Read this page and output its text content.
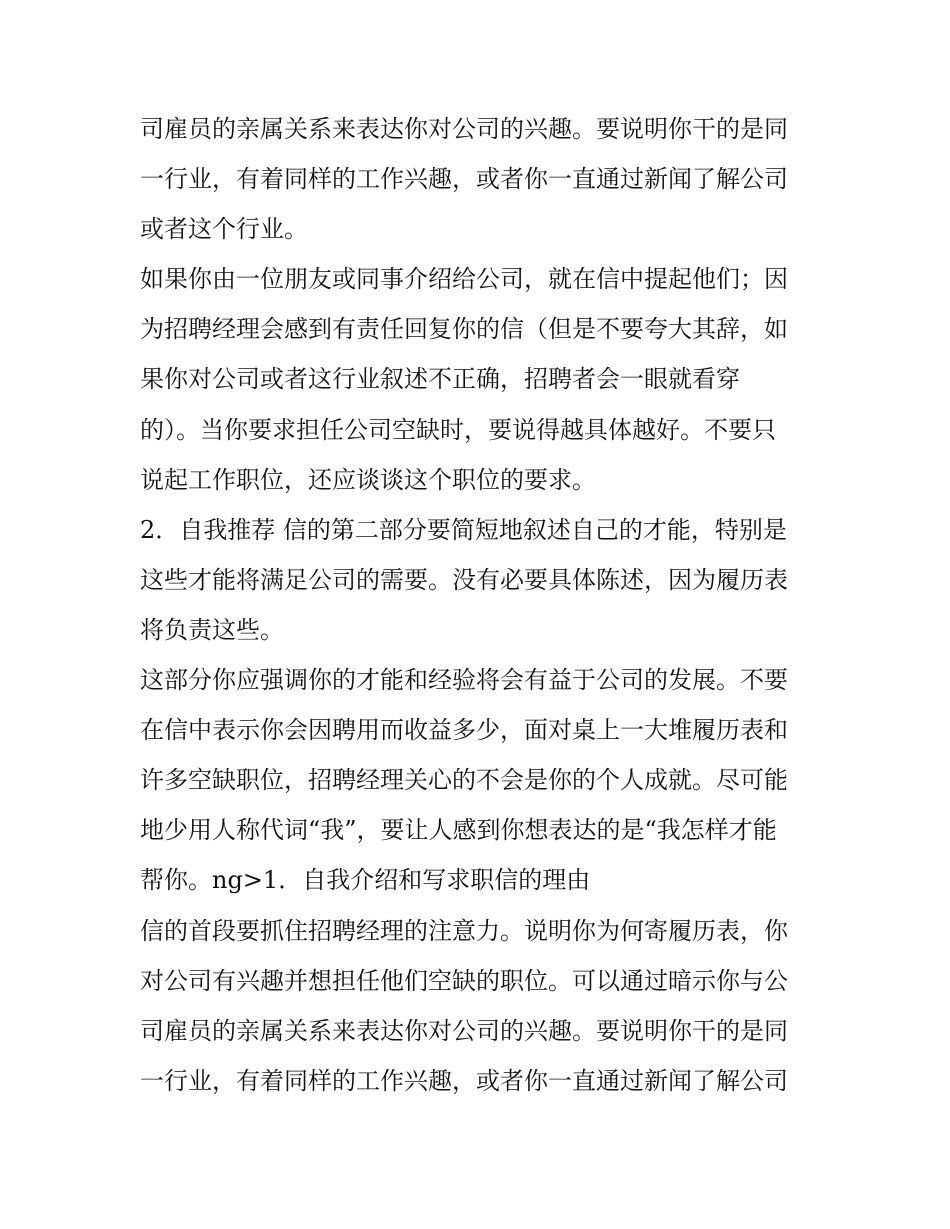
司雇员的亲属关系来表达你对公司的兴趣。要说明你干的是同
一行业，有着同样的工作兴趣，或者你一直通过新闻了解公司
或者这个行业。
如果你由一位朋友或同事介绍给公司，就在信中提起他们；因
为招聘经理会感到有责任回复你的信（但是不要夸大其辞，如
果你对公司或者这行业叙述不正确，招聘者会一眼就看穿
的）。当你要求担任公司空缺时，要说得越具体越好。不要只
说起工作职位，还应谈谈这个职位的要求。
2．自我推荐 信的第二部分要简短地叙述自己的才能，特别是
这些才能将满足公司的需要。没有必要具体陈述，因为履历表
将负责这些。
这部分你应强调你的才能和经验将会有益于公司的发展。不要
在信中表示你会因聘用而收益多少，面对桌上一大堆履历表和
许多空缺职位，招聘经理关心的不会是你的个人成就。尽可能
地少用人称代词“我”，要让人感到你想表达的是“我怎样才能
帮你。ng>1．自我介绍和写求职信的理由
信的首段要抓住招聘经理的注意力。说明你为何寄履历表，你
对公司有兴趣并想担任他们空缺的职位。可以通过暗示你与公
司雇员的亲属关系来表达你对公司的兴趣。要说明你干的是同
一行业，有着同样的工作兴趣，或者你一直通过新闻了解公司
